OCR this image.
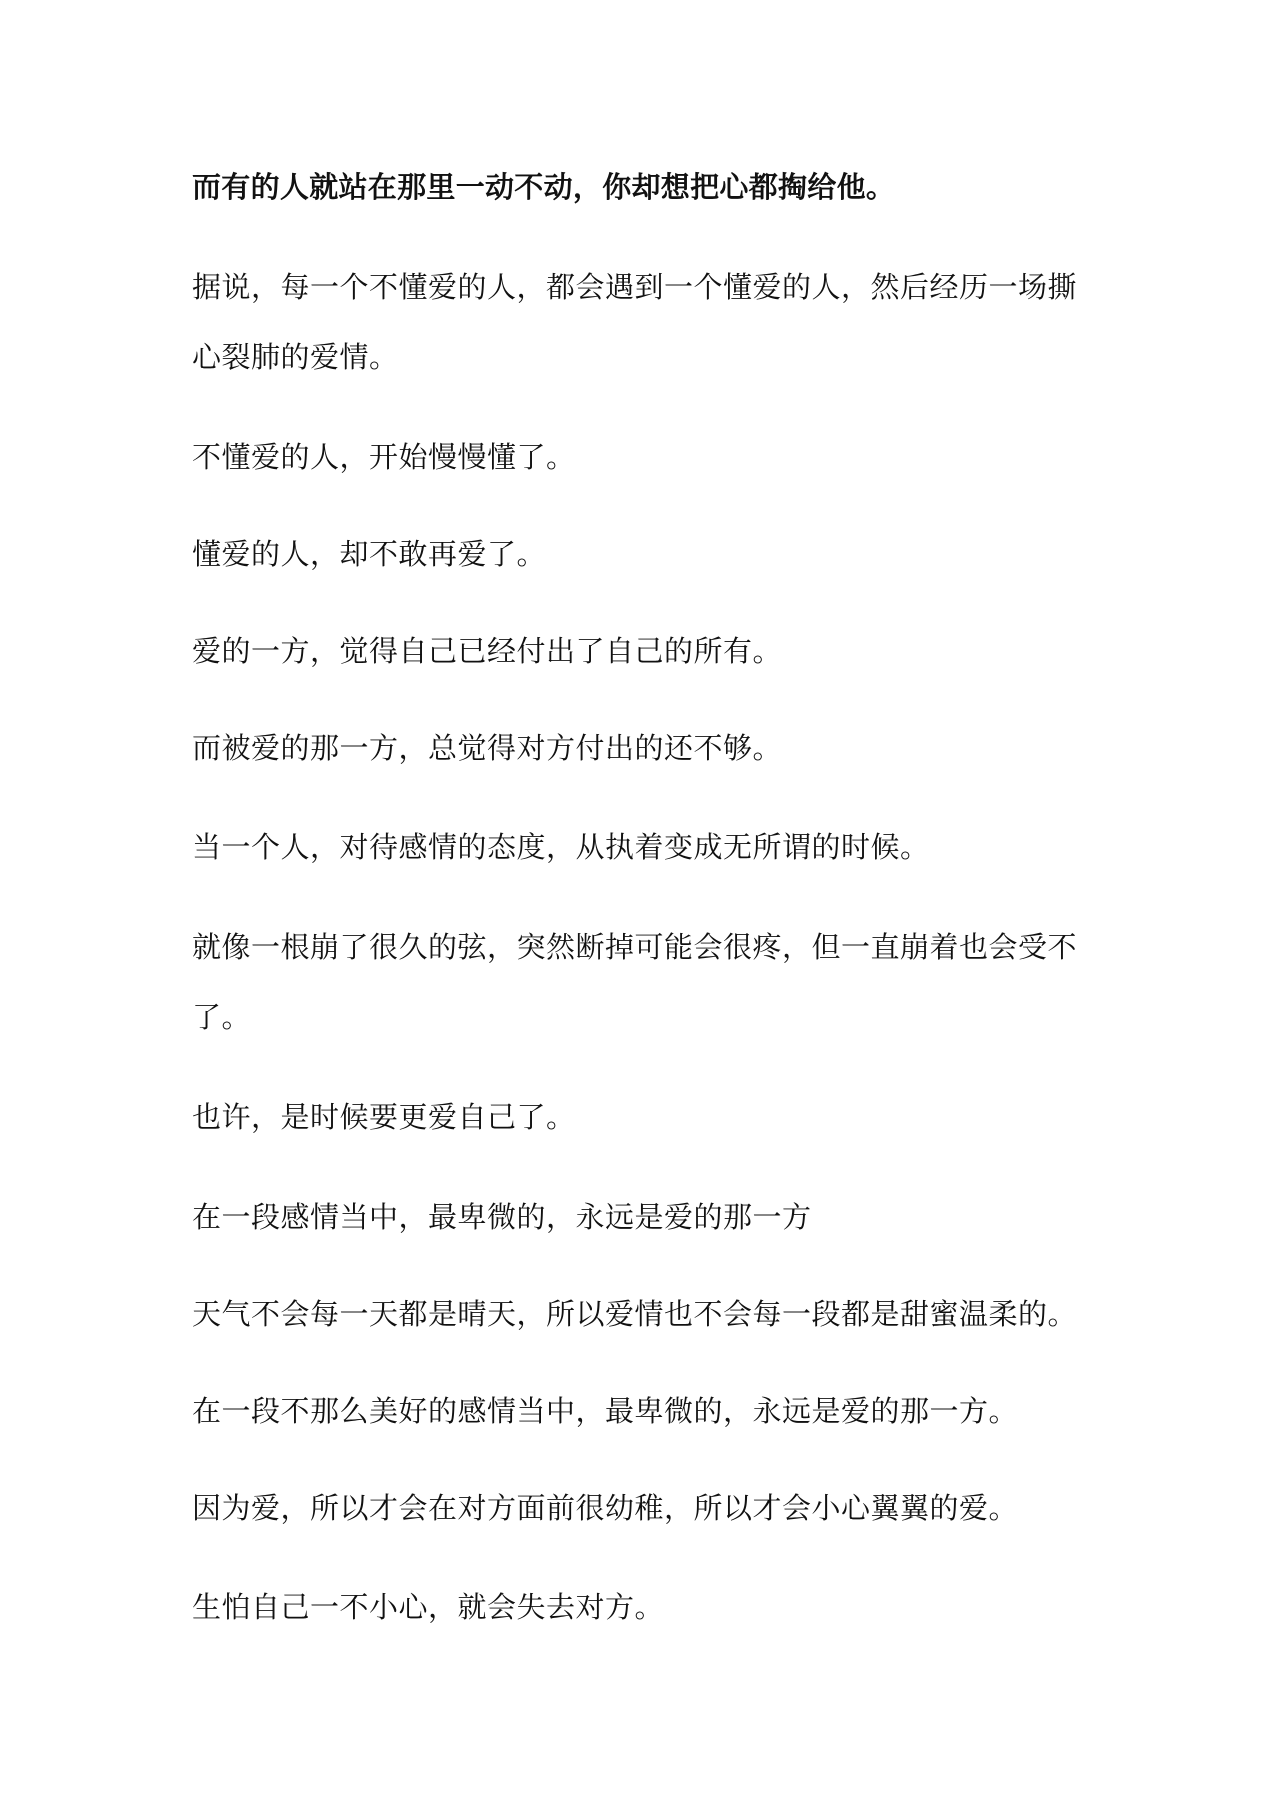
而有的人就站在那里一动不动，你却想把心都掏给他。

据说，每一个不懂爱的人，都会遇到一个懂爱的人，然后经历一场撕

心裂肺的爱情。

不懂爱的人，开始慢慢懂了。

懂爱的人，却不敢再爱了。

爱的一方，觉得自己已经付出了自己的所有。

而被爱的那一方，总觉得对方付出的还不够。

当一个人，对待感情的态度，从执着变成无所谓的时候。

就像一根崩了很久的弦，突然断掉可能会很疼，但一直崩着也会受不

了。

也许，是时候要更爱自己了。

在一段感情当中，最卑微的，永远是爱的那一方

天气不会每一天都是晴天，所以爱情也不会每一段都是甜蜜温柔的。

在一段不那么美好的感情当中，最卑微的，永远是爱的那一方。

因为爱，所以才会在对方面前很幼稚，所以才会小心翼翼的爱。

生怕自己一不小心，就会失去对方。
